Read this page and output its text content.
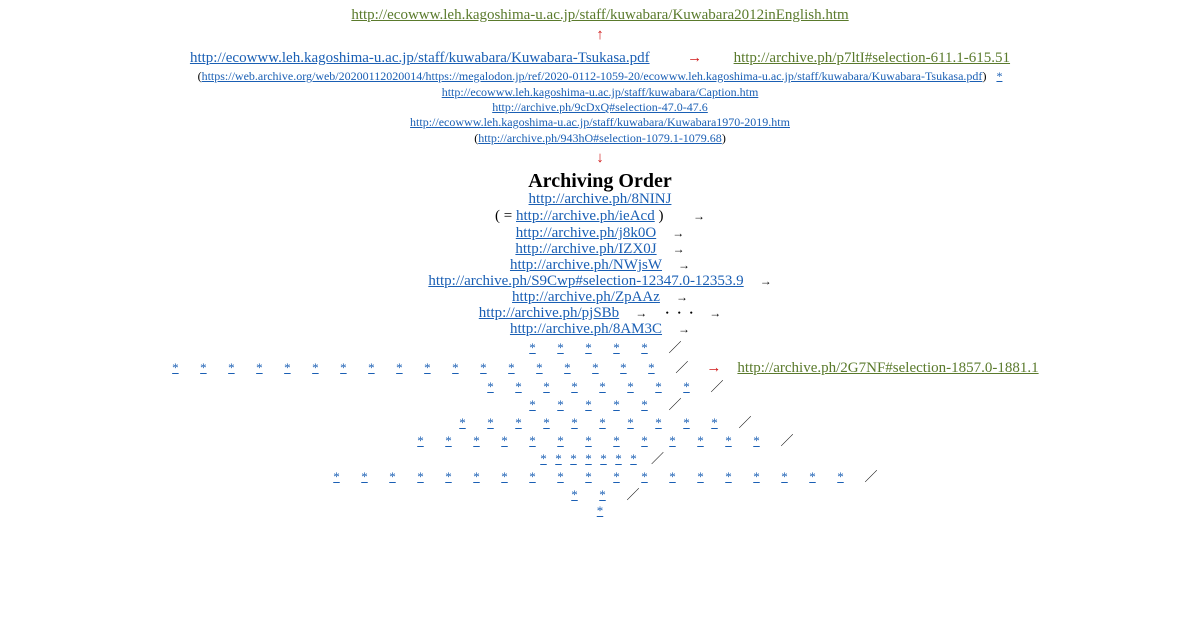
http://ecowww.leh.kagoshima-u.ac.jp/staff/kuwabara/Kuwabara2012inEnglish.htm
↑
http://ecowww.leh.kagoshima-u.ac.jp/staff/kuwabara/Kuwabara-Tsukasa.pdf	→ http://archive.ph/p7ltI#selection-611.1-615.51
(https://web.archive.org/web/20200112020014/https://megalodon.jp/ref/2020-0112-1059-20/ecowww.leh.kagoshima-u.ac.jp/staff/kuwabara/Kuwabara-Tsukasa.pdf) *
http://ecowww.leh.kagoshima-u.ac.jp/staff/kuwabara/Caption.htm
http://archive.ph/9cDxQ#selection-47.0-47.6
http://ecowww.leh.kagoshima-u.ac.jp/staff/kuwabara/Kuwabara1970-2019.htm
(http://archive.ph/943hO#selection-1079.1-1079.68)
↓
Archiving Order
http://archive.ph/8NINJ
( = http://archive.ph/ieAcd ) →
http://archive.ph/j8k0O →
http://archive.ph/IZX0J →
http://archive.ph/NWjsW →
http://archive.ph/S9Cwp#selection-12347.0-12353.9 →
http://archive.ph/ZpAAz →
http://archive.ph/pjSBb → ・・・ →
http://archive.ph/8AM3C →
* * * * * ／
* * * * * * * * * * * * * * * * * * ／ → http://archive.ph/2G7NF#selection-1857.0-1881.1
* * * * * * * * ／
* * * * * ／
* * * * * * * * * * ／
* * * * * * * * * * * * * ／
* * * * * * * ／
* * * * * * * * * * * * * * * * * * * ／
* * ／
*
